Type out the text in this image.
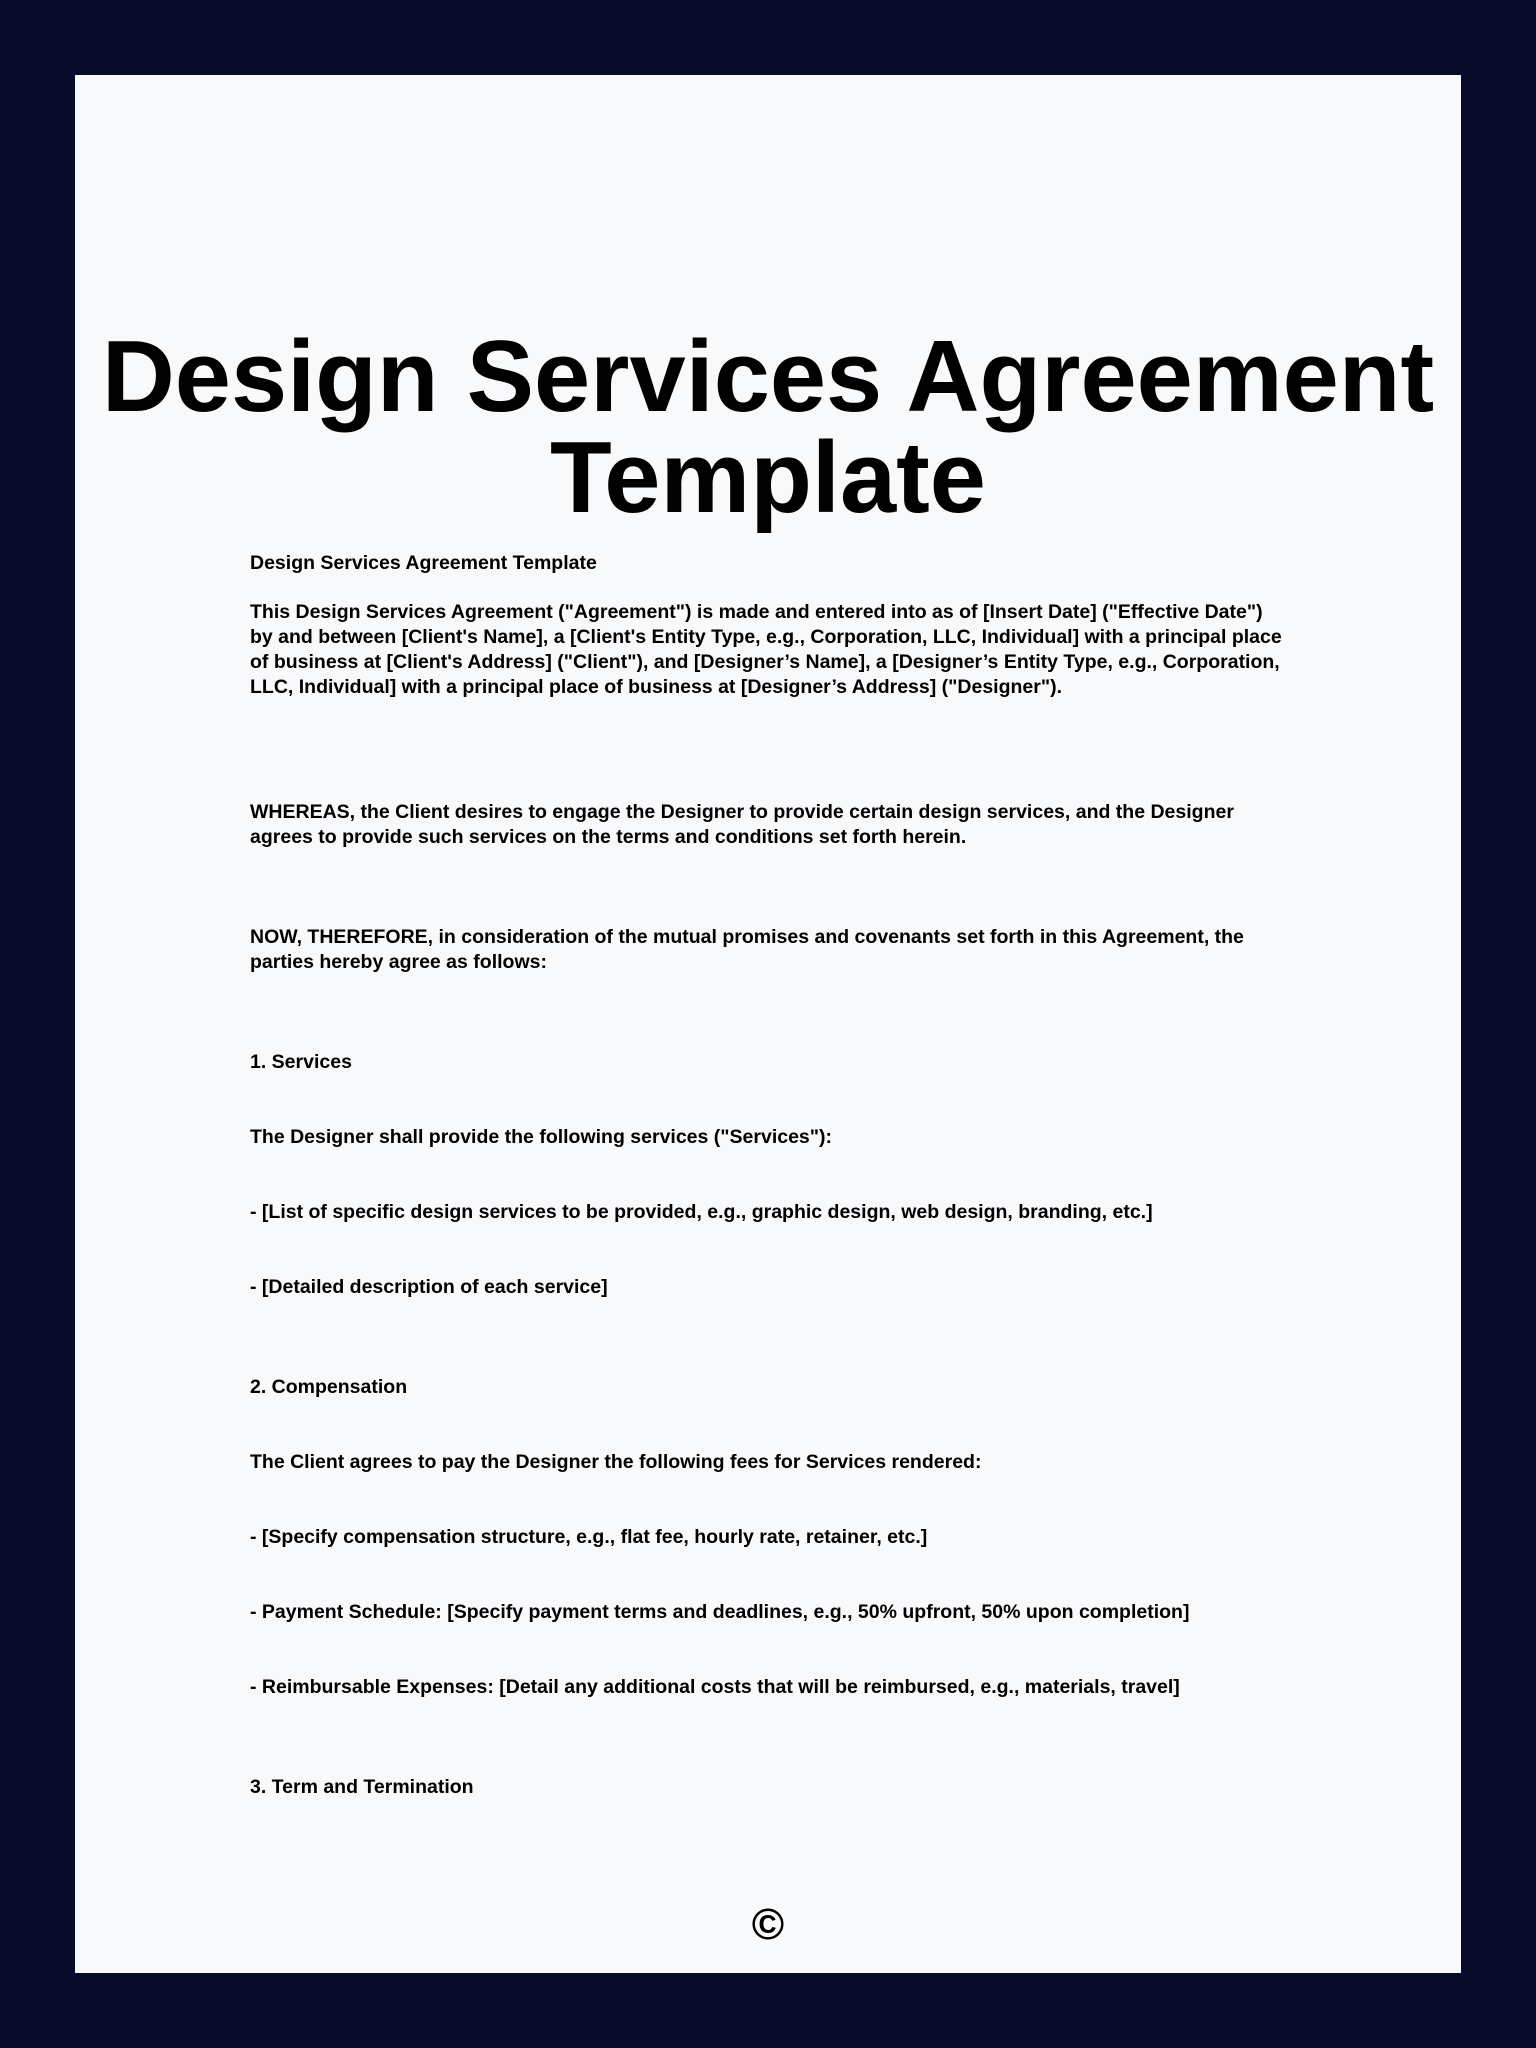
Design Services Agreement Template

Design Services Agreement Template

This Design Services Agreement ("Agreement") is made and entered into as of [Insert Date] ("Effective Date") by and between [Client's Name], a [Client's Entity Type, e.g., Corporation, LLC, Individual] with a principal place of business at [Client's Address] ("Client"), and [Designer’s Name], a [Designer’s Entity Type, e.g., Corporation, LLC, Individual] with a principal place of business at [Designer’s Address] ("Designer").

WHEREAS, the Client desires to engage the Designer to provide certain design services, and the Designer agrees to provide such services on the terms and conditions set forth herein.

NOW, THEREFORE, in consideration of the mutual promises and covenants set forth in this Agreement, the parties hereby agree as follows:

1. Services

The Designer shall provide the following services ("Services"):

- [List of specific design services to be provided, e.g., graphic design, web design, branding, etc.]

- [Detailed description of each service]

2. Compensation

The Client agrees to pay the Designer the following fees for Services rendered:

- [Specify compensation structure, e.g., flat fee, hourly rate, retainer, etc.]

- Payment Schedule: [Specify payment terms and deadlines, e.g., 50% upfront, 50% upon completion]

- Reimbursable Expenses: [Detail any additional costs that will be reimbursed, e.g., materials, travel]

3. Term and Termination

©
